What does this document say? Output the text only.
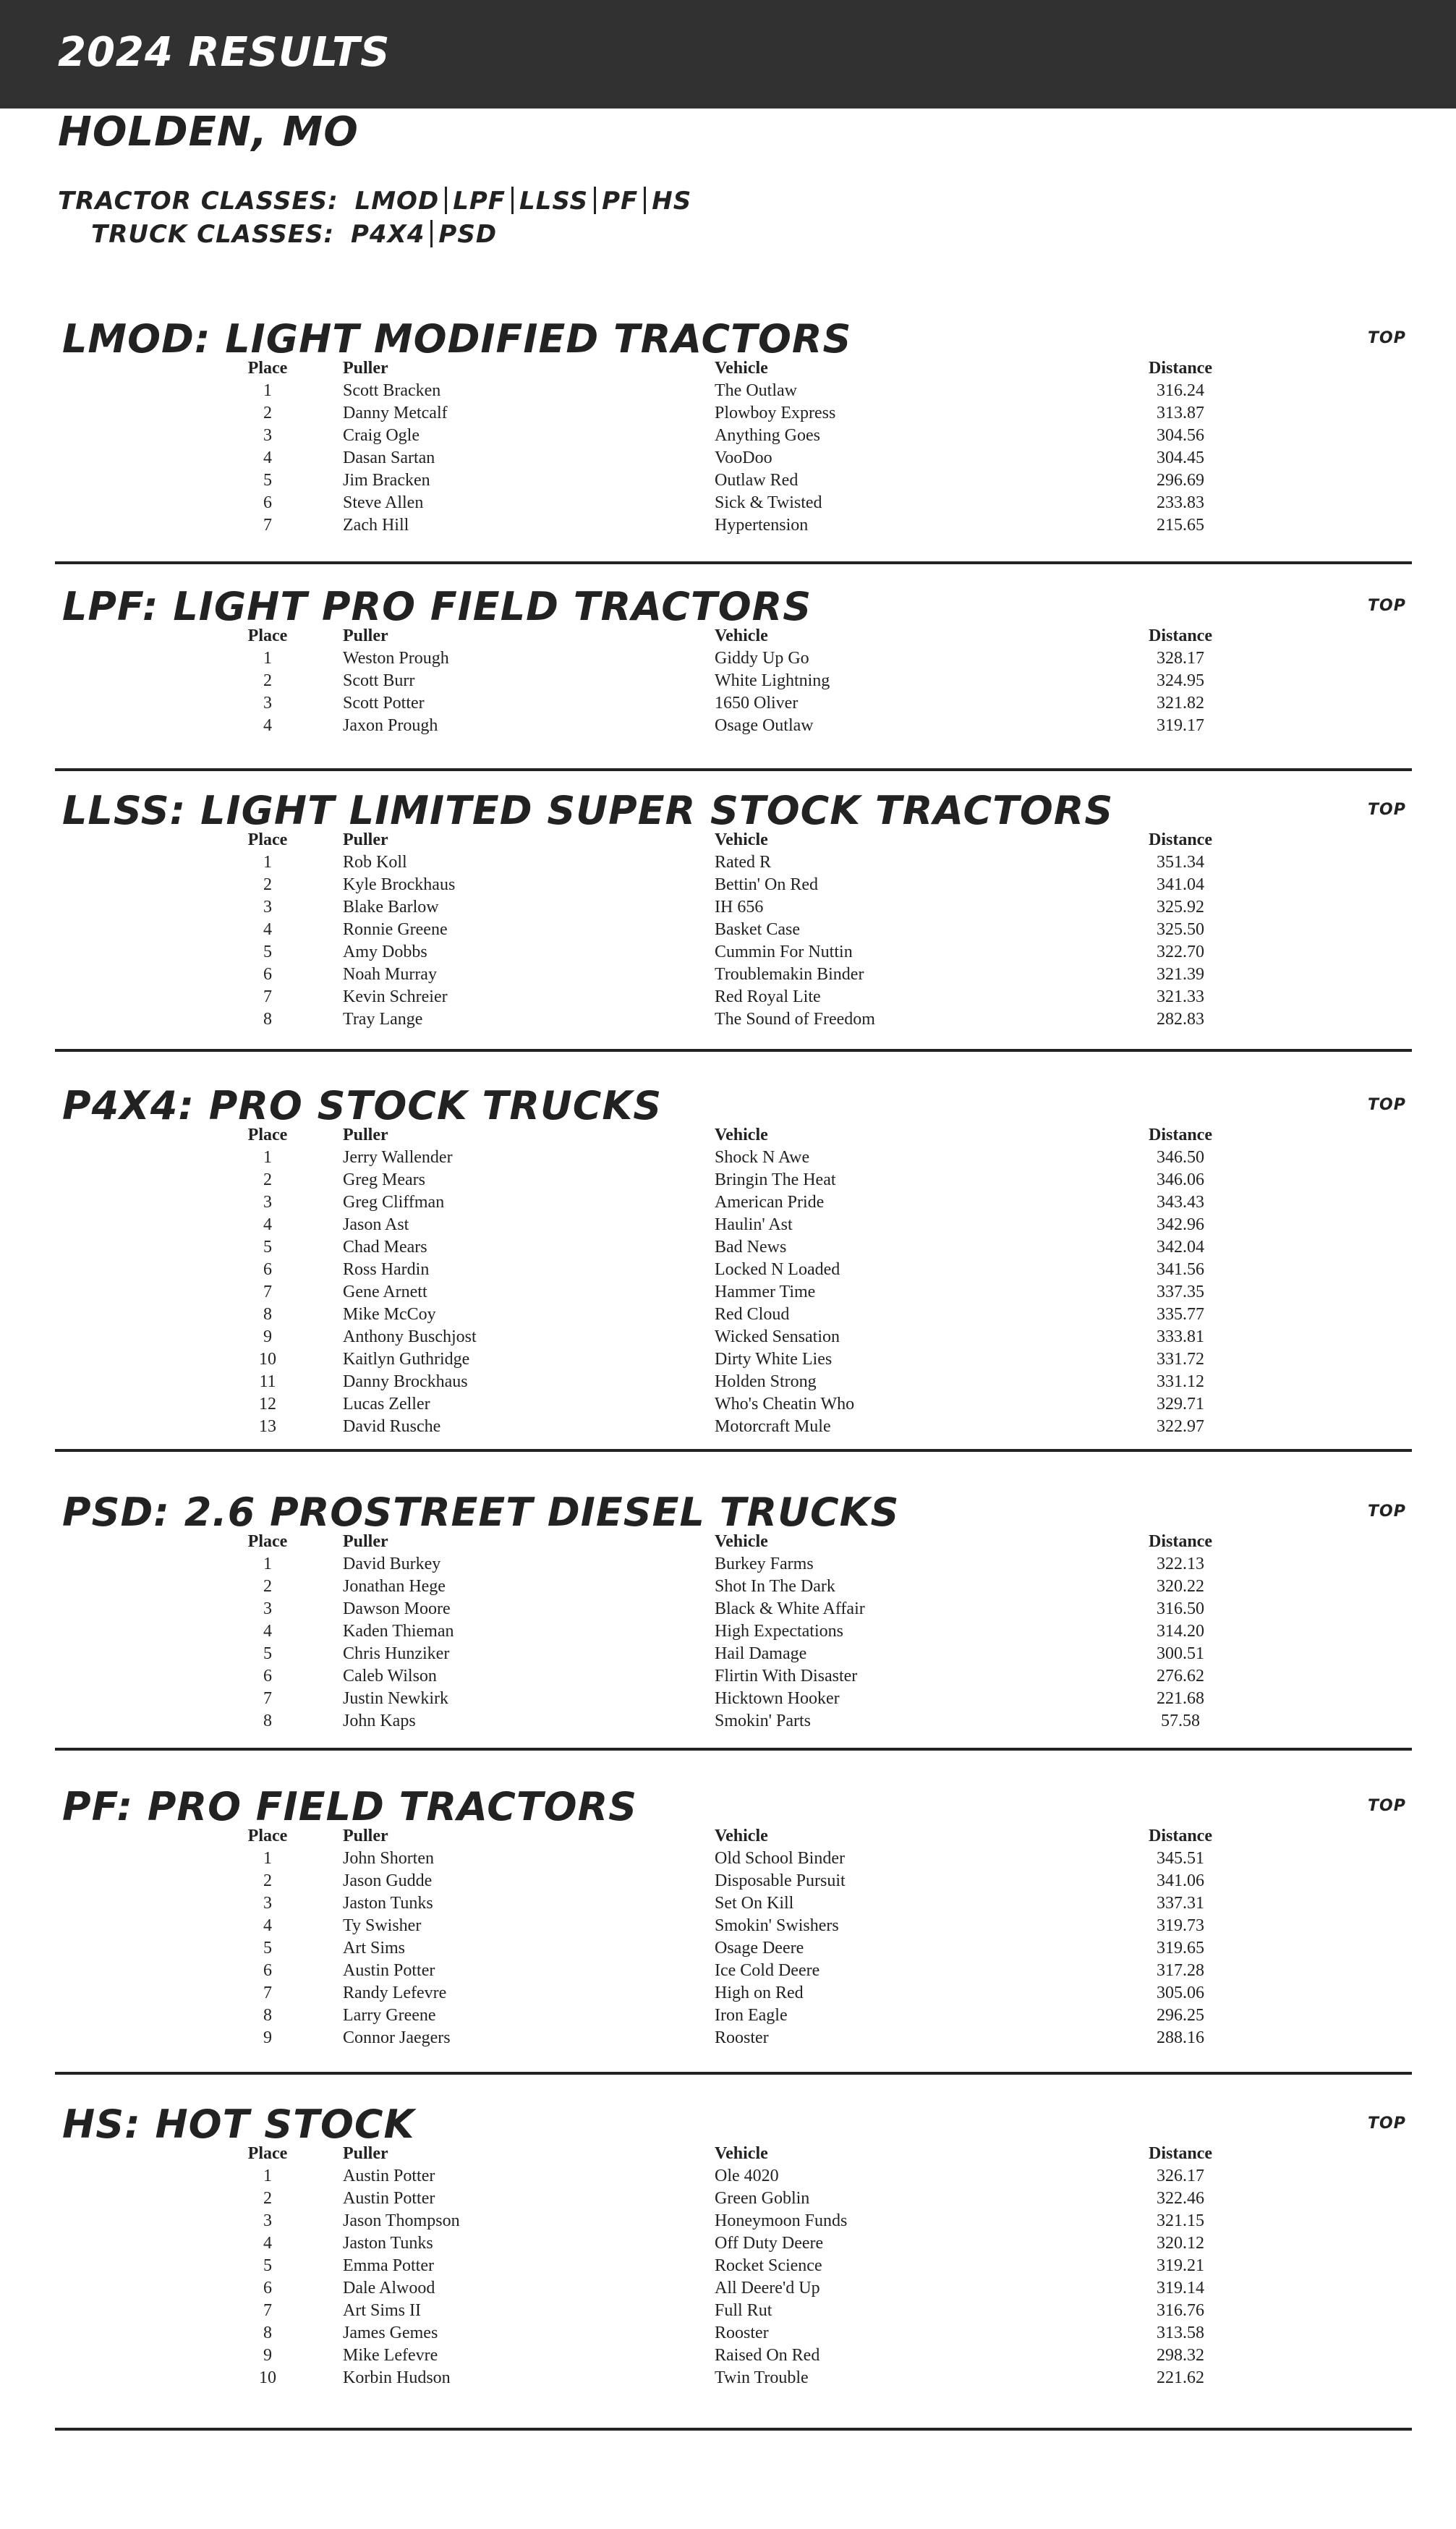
2024 RESULTS
HOLDEN, MO
TRACTOR CLASSES: LMOD LPF LLSS PF HS
TRUCK CLASSES: P4X4 PSD
LMOD: LIGHT MODIFIED TRACTORS	TOP
Place	Puller	Vehicle	Distance
1	Scott Bracken	The Outlaw	316.24
2	Danny Metcalf	Plowboy Express	313.87
3	Craig Ogle	Anything Goes	304.56
4	Dasan Sartan	VooDoo	304.45
5	Jim Bracken	Outlaw Red	296.69
6	Steve Allen	Sick & Twisted	233.83
7	Zach Hill	Hypertension	215.65
LPF: LIGHT PRO FIELD TRACTORS	TOP
Place	Puller	Vehicle	Distance
1	Weston Prough	Giddy Up Go	328.17
2	Scott Burr	White Lightning	324.95
3	Scott Potter	1650 Oliver	321.82
4	Jaxon Prough	Osage Outlaw	319.17
LLSS: LIGHT LIMITED SUPER STOCK TRACTORS	TOP
Place	Puller	Vehicle	Distance
1	Rob Koll	Rated R	351.34
2	Kyle Brockhaus	Bettin' On Red	341.04
3	Blake Barlow	IH 656	325.92
4	Ronnie Greene	Basket Case	325.50
5	Amy Dobbs	Cummin For Nuttin	322.70
6	Noah Murray	Troublemakin Binder	321.39
7	Kevin Schreier	Red Royal Lite	321.33
8	Tray Lange	The Sound of Freedom	282.83
P4X4: PRO STOCK TRUCKS	TOP
Place	Puller	Vehicle	Distance
1	Jerry Wallender	Shock N Awe	346.50
2	Greg Mears	Bringin The Heat	346.06
3	Greg Cliffman	American Pride	343.43
4	Jason Ast	Haulin' Ast	342.96
5	Chad Mears	Bad News	342.04
6	Ross Hardin	Locked N Loaded	341.56
7	Gene Arnett	Hammer Time	337.35
8	Mike McCoy	Red Cloud	335.77
9	Anthony Buschjost	Wicked Sensation	333.81
10	Kaitlyn Guthridge	Dirty White Lies	331.72
11	Danny Brockhaus	Holden Strong	331.12
12	Lucas Zeller	Who's Cheatin Who	329.71
13	David Rusche	Motorcraft Mule	322.97
PSD: 2.6 PROSTREET DIESEL TRUCKS	TOP
Place	Puller	Vehicle	Distance
1	David Burkey	Burkey Farms	322.13
2	Jonathan Hege	Shot In The Dark	320.22
3	Dawson Moore	Black & White Affair	316.50
4	Kaden Thieman	High Expectations	314.20
5	Chris Hunziker	Hail Damage	300.51
6	Caleb Wilson	Flirtin With Disaster	276.62
7	Justin Newkirk	Hicktown Hooker	221.68
8	John Kaps	Smokin' Parts	57.58
PF: PRO FIELD TRACTORS	TOP
Place	Puller	Vehicle	Distance
1	John Shorten	Old School Binder	345.51
2	Jason Gudde	Disposable Pursuit	341.06
3	Jaston Tunks	Set On Kill	337.31
4	Ty Swisher	Smokin' Swishers	319.73
5	Art Sims	Osage Deere	319.65
6	Austin Potter	Ice Cold Deere	317.28
7	Randy Lefevre	High on Red	305.06
8	Larry Greene	Iron Eagle	296.25
9	Connor Jaegers	Rooster	288.16
HS: HOT STOCK	TOP
Place	Puller	Vehicle	Distance
1	Austin Potter	Ole 4020	326.17
2	Austin Potter	Green Goblin	322.46
3	Jason Thompson	Honeymoon Funds	321.15
4	Jaston Tunks	Off Duty Deere	320.12
5	Emma Potter	Rocket Science	319.21
6	Dale Alwood	All Deere'd Up	319.14
7	Art Sims II	Full Rut	316.76
8	James Gemes	Rooster	313.58
9	Mike Lefevre	Raised On Red	298.32
10	Korbin Hudson	Twin Trouble	221.62
